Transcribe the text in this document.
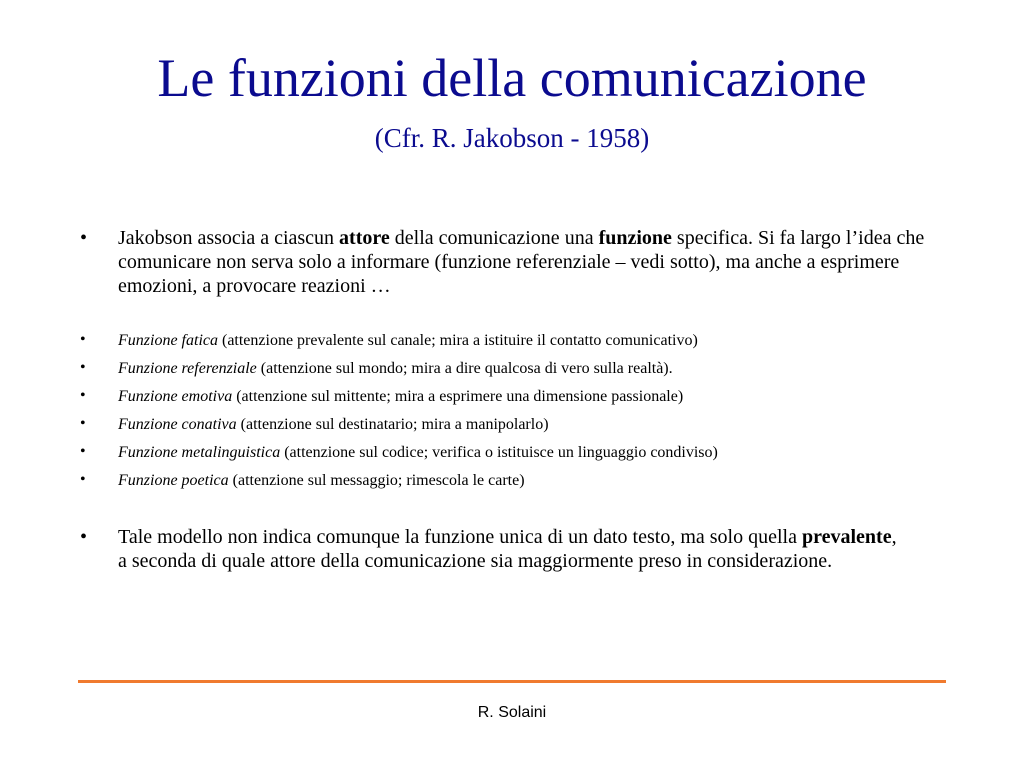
Le funzioni della comunicazione
(Cfr. R. Jakobson - 1958)
• Jakobson associa a ciascun attore della comunicazione una funzione specifica. Si fa largo l’idea che comunicare non serva solo a informare (funzione referenziale – vedi sotto), ma anche a esprimere emozioni, a provocare reazioni …
• Funzione fatica (attenzione prevalente sul canale; mira a istituire il contatto comunicativo)
• Funzione referenziale (attenzione sul mondo; mira a dire qualcosa di vero sulla realtà).
• Funzione emotiva (attenzione sul mittente; mira a esprimere una dimensione passionale)
• Funzione conativa (attenzione sul destinatario; mira a manipolarlo)
• Funzione metalinguistica (attenzione sul codice; verifica o istituisce un linguaggio condiviso)
• Funzione poetica (attenzione sul messaggio; rimescola le carte)
• Tale modello non indica comunque la funzione unica di un dato testo, ma solo quella prevalente, a seconda di quale attore della comunicazione sia maggiormente preso in considerazione.
R. Solaini
